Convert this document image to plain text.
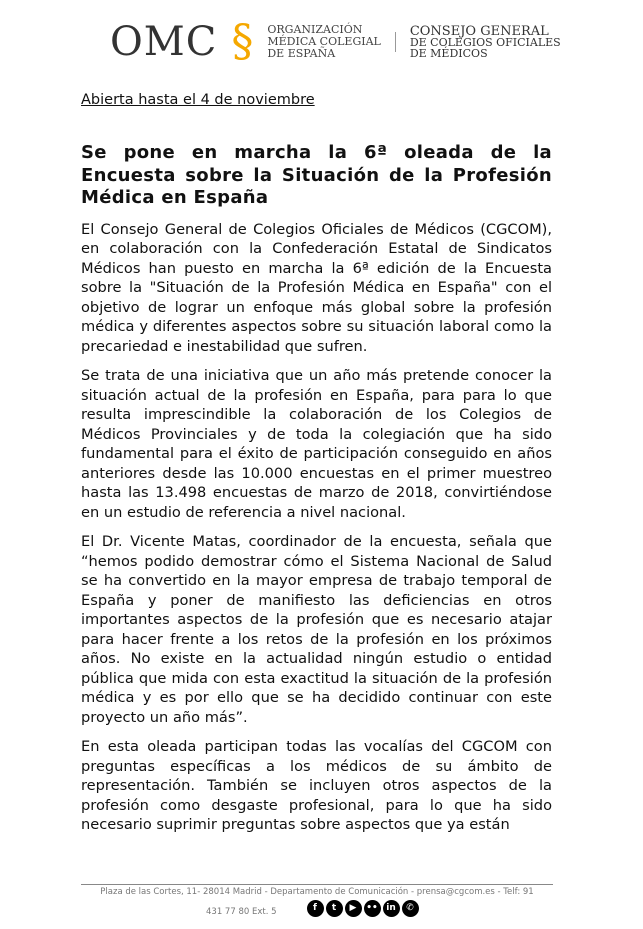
OMC § ORGANIZACIÓN
MÉDICA COLEGIAL
DE ESPAÑA
CONSEJO GENERAL
DE COLEGIOS OFICIALES
DE MÉDICOS
Abierta hasta el 4 de noviembre
Se pone en marcha la 6ª oleada de la Encuesta sobre la Situación de la Profesión Médica en España

El Consejo General de Colegios Oficiales de Médicos (CGCOM), en colaboración con la Confederación Estatal de Sindicatos Médicos han puesto en marcha la 6ª edición de la Encuesta sobre la "Situación de la Profesión Médica en España" con el objetivo de lograr un enfoque más global sobre la profesión médica y diferentes aspectos sobre su situación laboral como la precariedad e inestabilidad que sufren.

Se trata de una iniciativa que un año más pretende conocer la situación actual de la profesión en España, para para lo que resulta imprescindible la colaboración de los Colegios de Médicos Provinciales y de toda la colegiación que ha sido fundamental para el éxito de participación conseguido en años anteriores desde las 10.000 encuestas en el primer muestreo hasta las 13.498 encuestas de marzo de 2018, convirtiéndose en un estudio de referencia a nivel nacional.

El Dr. Vicente Matas, coordinador de la encuesta, señala que “hemos podido demostrar cómo el Sistema Nacional de Salud se ha convertido en la mayor empresa de trabajo temporal de España y poner de manifiesto las deficiencias en otros importantes aspectos de la profesión que es necesario atajar para hacer frente a los retos de la profesión en los próximos años. No existe en la actualidad ningún estudio o entidad pública que mida con esta exactitud la situación de la profesión médica y es por ello que se ha decidido continuar con este proyecto un año más”.

En esta oleada participan todas las vocalías del CGCOM con preguntas específicas a los médicos de su ámbito de representación. También se incluyen otros aspectos de la profesión como desgaste profesional, para lo que ha sido necesario suprimir preguntas sobre aspectos que ya están

Plaza de las Cortes, 11- 28014 Madrid - Departamento de Comunicación - prensa@cgcom.es - Telf: 91
431 77 80 Ext. 5	f	t	▶	•• in	✆
